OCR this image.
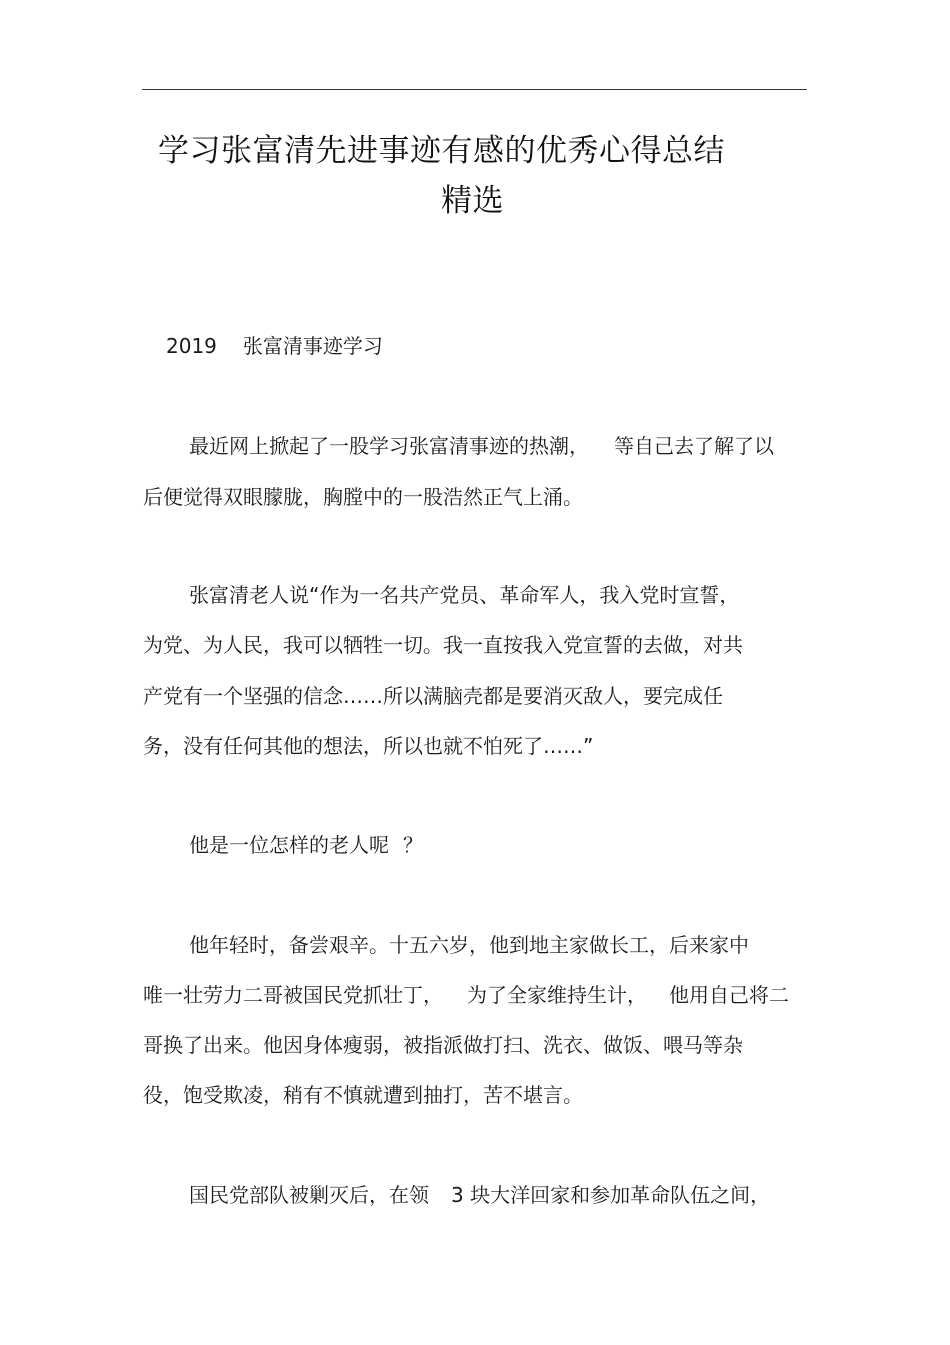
学习张富清先进事迹有感的优秀心得总结
精选
2019 张富清事迹学习
最近网上掀起了一股学习张富清事迹的热潮， 等自己去了解了以
后便觉得双眼朦胧，胸膛中的一股浩然正气上涌。
张富清老人说“作为一名共产党员、革命军人，我入党时宣誓，
为党、为人民，我可以牺牲一切。我一直按我入党宣誓的去做，对共
产党有一个坚强的信念……所以满脑壳都是要消灭敌人，要完成任
务，没有任何其他的想法，所以也就不怕死了……”
他是一位怎样的老人呢 ？
他年轻时，备尝艰辛。十五六岁，他到地主家做长工，后来家中
唯一壮劳力二哥被国民党抓壮丁， 为了全家维持生计， 他用自己将二
哥换了出来。他因身体瘦弱，被指派做打扫、洗衣、做饭、喂马等杂
役，饱受欺凌，稍有不慎就遭到抽打，苦不堪言。
国民党部队被剿灭后，在领 3 块大洋回家和参加革命队伍之间，
